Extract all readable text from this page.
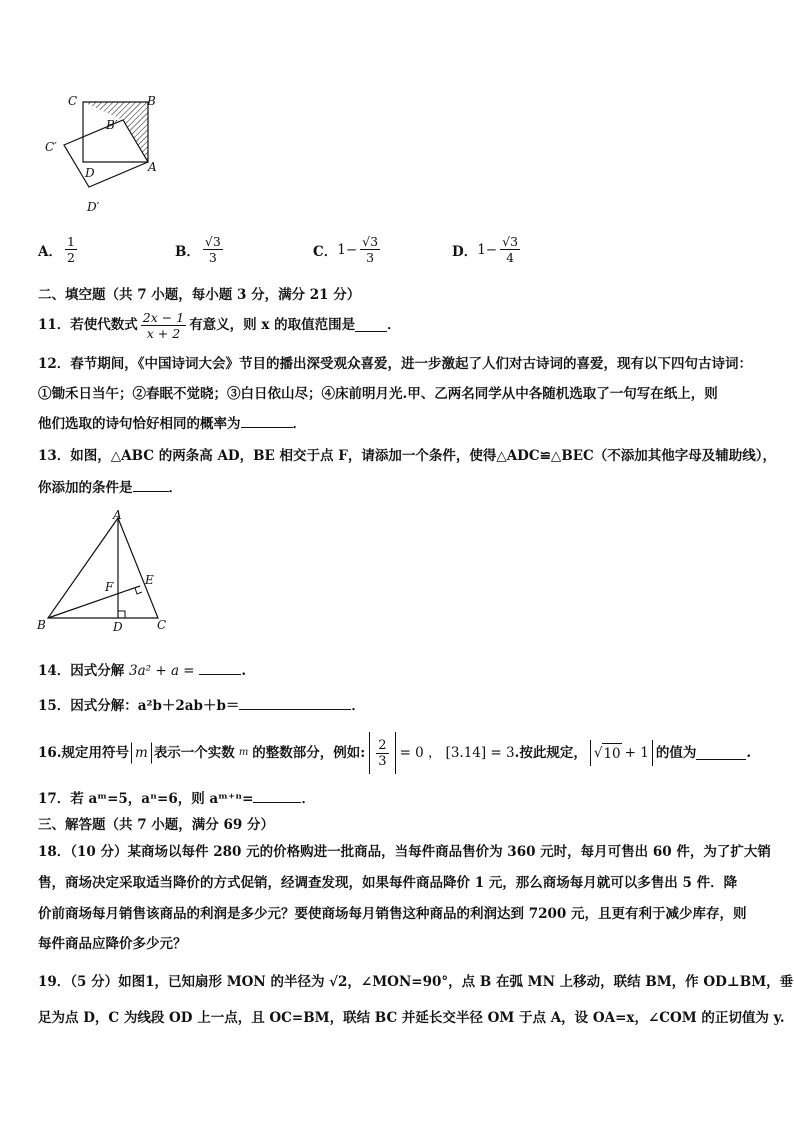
C	B
B′
C′
D	A
D′
A． $\frac{1}{2}$	B． $\frac{√3}{3}$	C． $1- \frac{√3}{3}$	D． $1- \frac{√3}{4}$
二、填空题（共 7 小题，每小题 3 分，满分 21 分）
11．若使代数式 $\frac{2x - 1}{x + 2}$ 有意义，则 x 的取值范围是 ．
12．春节期间，《中国诗词大会》节目的播出深受观众喜爱，进一步激起了人们对古诗词的喜爱，现有以下四句古诗词：
①锄禾日当午；②春眠不觉晓；③白日依山尽；④床前明月光.甲、乙两名同学从中各随机选取了一句写在纸上，则
他们选取的诗句恰好相同的概率为	．
13．如图，△ABC 的两条高 AD，BE 相交于点 F，请添加一个条件，使得△ADC≌△BEC（不添加其他字母及辅助线），
你添加的条件是	．
A
E
F
B	D	C
14．因式分解 3a² + a =	.
15．因式分解：a²b＋2ab＋b＝	．
16.规定用符号 m 表示一个实数 m 的整数部分，例如: $\frac{2}{3} = 0$ ， [3.14] = 3 .按此规定， √ 10 + 1 的值为	.
17．若 aᵐ=5，aⁿ=6，则 aᵐ⁺ⁿ=	．
三、解答题（共 7 小题，满分 69 分）
18．（10 分）某商场以每件 280 元的价格购进一批商品，当每件商品售价为 360 元时，每月可售出 60 件，为了扩大销
售，商场决定采取适当降价的方式促销，经调查发现，如果每件商品降价 1 元，那么商场每月就可以多售出 5 件．降
价前商场每月销售该商品的利润是多少元？要使商场每月销售这种商品的利润达到 7200 元，且更有利于减少库存，则
每件商品应降价多少元？
19．（5 分）如图1，已知扇形 MON 的半径为 √2，∠MON=90°，点 B 在弧 MN 上移动，联结 BM，作 OD⊥BM，垂
足为点 D，C 为线段 OD 上一点，且 OC=BM，联结 BC 并延长交半径 OM 于点 A，设 OA=x，∠COM 的正切值为 y.
